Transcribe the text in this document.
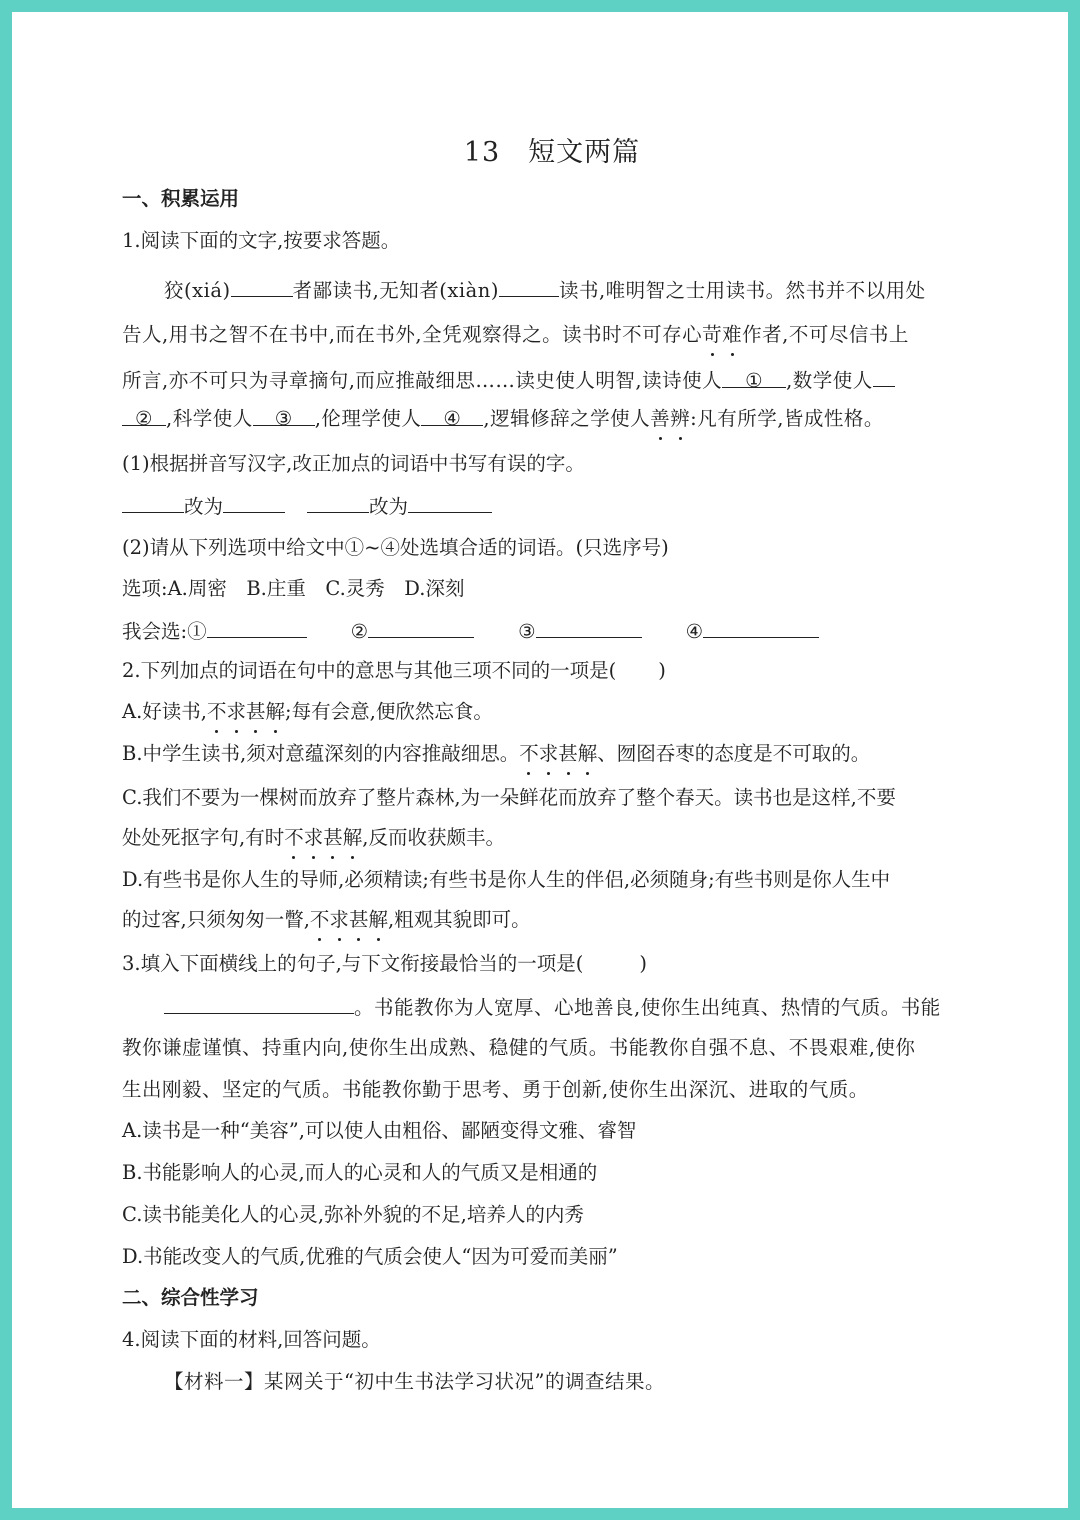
13　短文两篇
一、积累运用
1.阅读下面的文字,按要求答题。
狡(xiá)	者鄙读书,无知者(xiàn)	读书,唯明智之士用读书。然书并不以用处
告人,用书之智不在书中,而在书外,全凭观察得之。读书时不可存心苛难作者,不可尽信书上
所言,亦不可只为寻章摘句,而应推敲细思……读史使人明智,读诗使人 ① ,数学使人
② ,科学使人 ③ ,伦理学使人 ④ ,逻辑修辞之学使人善辨:凡有所学,皆成性格。
(1)根据拼音写汉字,改正加点的词语中书写有误的字。
改为	改为
(2)请从下列选项中给文中①~④处选填合适的词语。(只选序号)
选项:A.周密　B.庄重　C.灵秀　D.深刻
我会选:①	②	③	④
2.下列加点的词语在句中的意思与其他三项不同的一项是( )
A.好读书,不求甚解;每有会意,便欣然忘食。
B.中学生读书,须对意蕴深刻的内容推敲细思。不求甚解、囫囵吞枣的态度是不可取的。
C.我们不要为一棵树而放弃了整片森林,为一朵鲜花而放弃了整个春天。读书也是这样,不要
处处死抠字句,有时不求甚解,反而收获颇丰。
D.有些书是你人生的导师,必须精读;有些书是你人生的伴侣,必须随身;有些书则是你人生中
的过客,只须匆匆一瞥,不求甚解,粗观其貌即可。
3.填入下面横线上的句子,与下文衔接最恰当的一项是(	)
。书能教你为人宽厚、心地善良,使你生出纯真、热情的气质。书能
教你谦虚谨慎、持重内向,使你生出成熟、稳健的气质。书能教你自强不息、不畏艰难,使你
生出刚毅、坚定的气质。书能教你勤于思考、勇于创新,使你生出深沉、进取的气质。
A.读书是一种“美容”,可以使人由粗俗、鄙陋变得文雅、睿智
B.书能影响人的心灵,而人的心灵和人的气质又是相通的
C.读书能美化人的心灵,弥补外貌的不足,培养人的内秀
D.书能改变人的气质,优雅的气质会使人“因为可爱而美丽”
二、综合性学习
4.阅读下面的材料,回答问题。
【材料一】某网关于“初中生书法学习状况”的调查结果。
